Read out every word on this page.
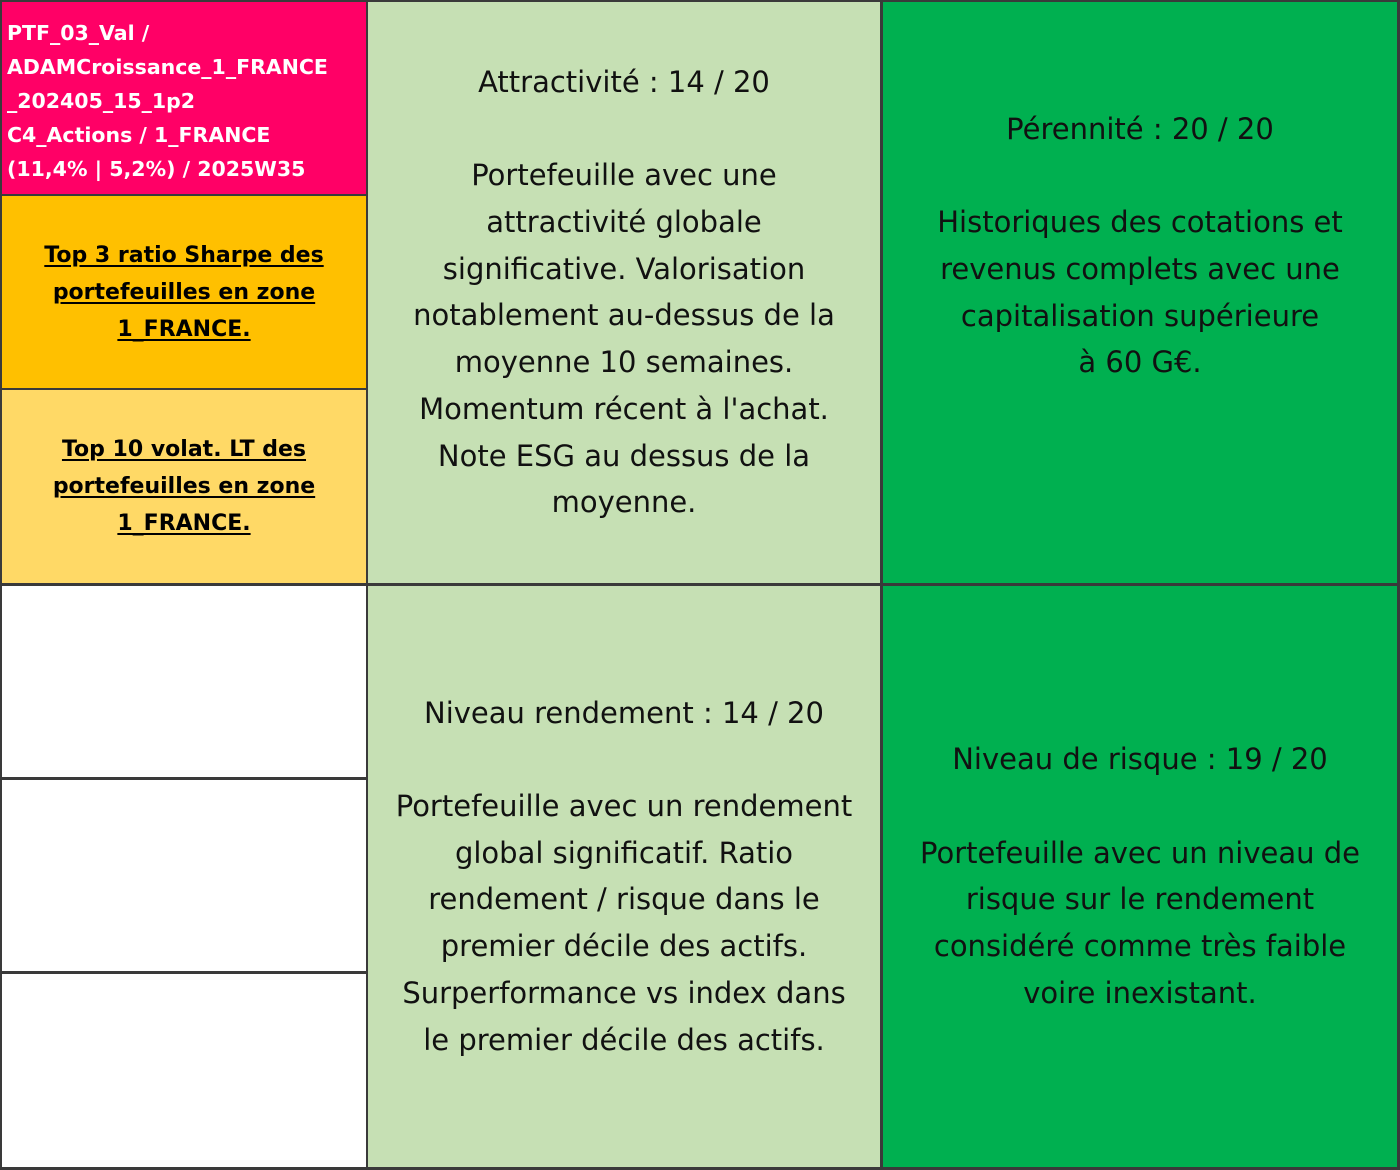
PTF_03_Val /
ADAMCroissance_1_FRANCE
_202405_15_1p2
C4_Actions / 1_FRANCE
(11,4% | 5,2%) / 2025W35
Top 3 ratio Sharpe des
portefeuilles en zone
1_FRANCE.
Top 10 volat. LT des
portefeuilles en zone
1_FRANCE.
Attractivité : 14 / 20
Portefeuille avec une
attractivité globale
significative. Valorisation
notablement au-dessus de la
moyenne 10 semaines.
Momentum récent à l'achat.
Note ESG au dessus de la
moyenne.
Pérennité : 20 / 20
Historiques des cotations et
revenus complets avec une
capitalisation supérieure
à 60 G€.
Niveau rendement : 14 / 20
Portefeuille avec un rendement
global significatif. Ratio
rendement / risque dans le
premier décile des actifs.
Surperformance vs index dans
le premier décile des actifs.
Niveau de risque : 19 / 20
Portefeuille avec un niveau de
risque sur le rendement
considéré comme très faible
voire inexistant.
